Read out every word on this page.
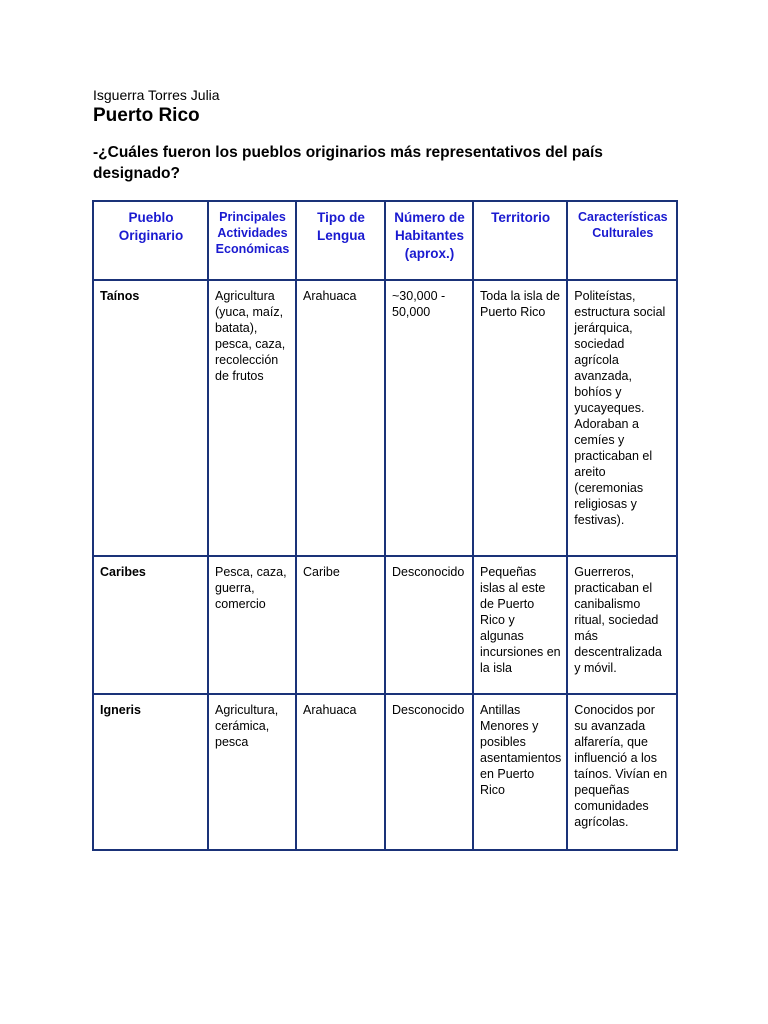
Isguerra Torres Julia
Puerto Rico
-¿Cuáles fueron los pueblos originarios más representativos del país designado?
Pueblo Originario	Principales Actividades Económicas	Tipo de Lengua	Número de Habitantes (aprox.)	Territorio	Características Culturales
Taínos	Agricultura (yuca, maíz, batata), pesca, caza, recolección de frutos	Arahuaca	~30,000 - 50,000	Toda la isla de Puerto Rico	Politeístas, estructura social jerárquica, sociedad agrícola avanzada, bohíos y yucayeques. Adoraban a cemíes y practicaban el areito (ceremonias religiosas y festivas).
Caribes	Pesca, caza, guerra, comercio	Caribe	Desconocido	Pequeñas islas al este de Puerto Rico y algunas incursiones en la isla	Guerreros, practicaban el canibalismo ritual, sociedad más descentralizada y móvil.
Igneris	Agricultura, cerámica, pesca	Arahuaca	Desconocido	Antillas Menores y posibles asentamientos en Puerto Rico	Conocidos por su avanzada alfarería, que influenció a los taínos. Vivían en pequeñas comunidades agrícolas.
